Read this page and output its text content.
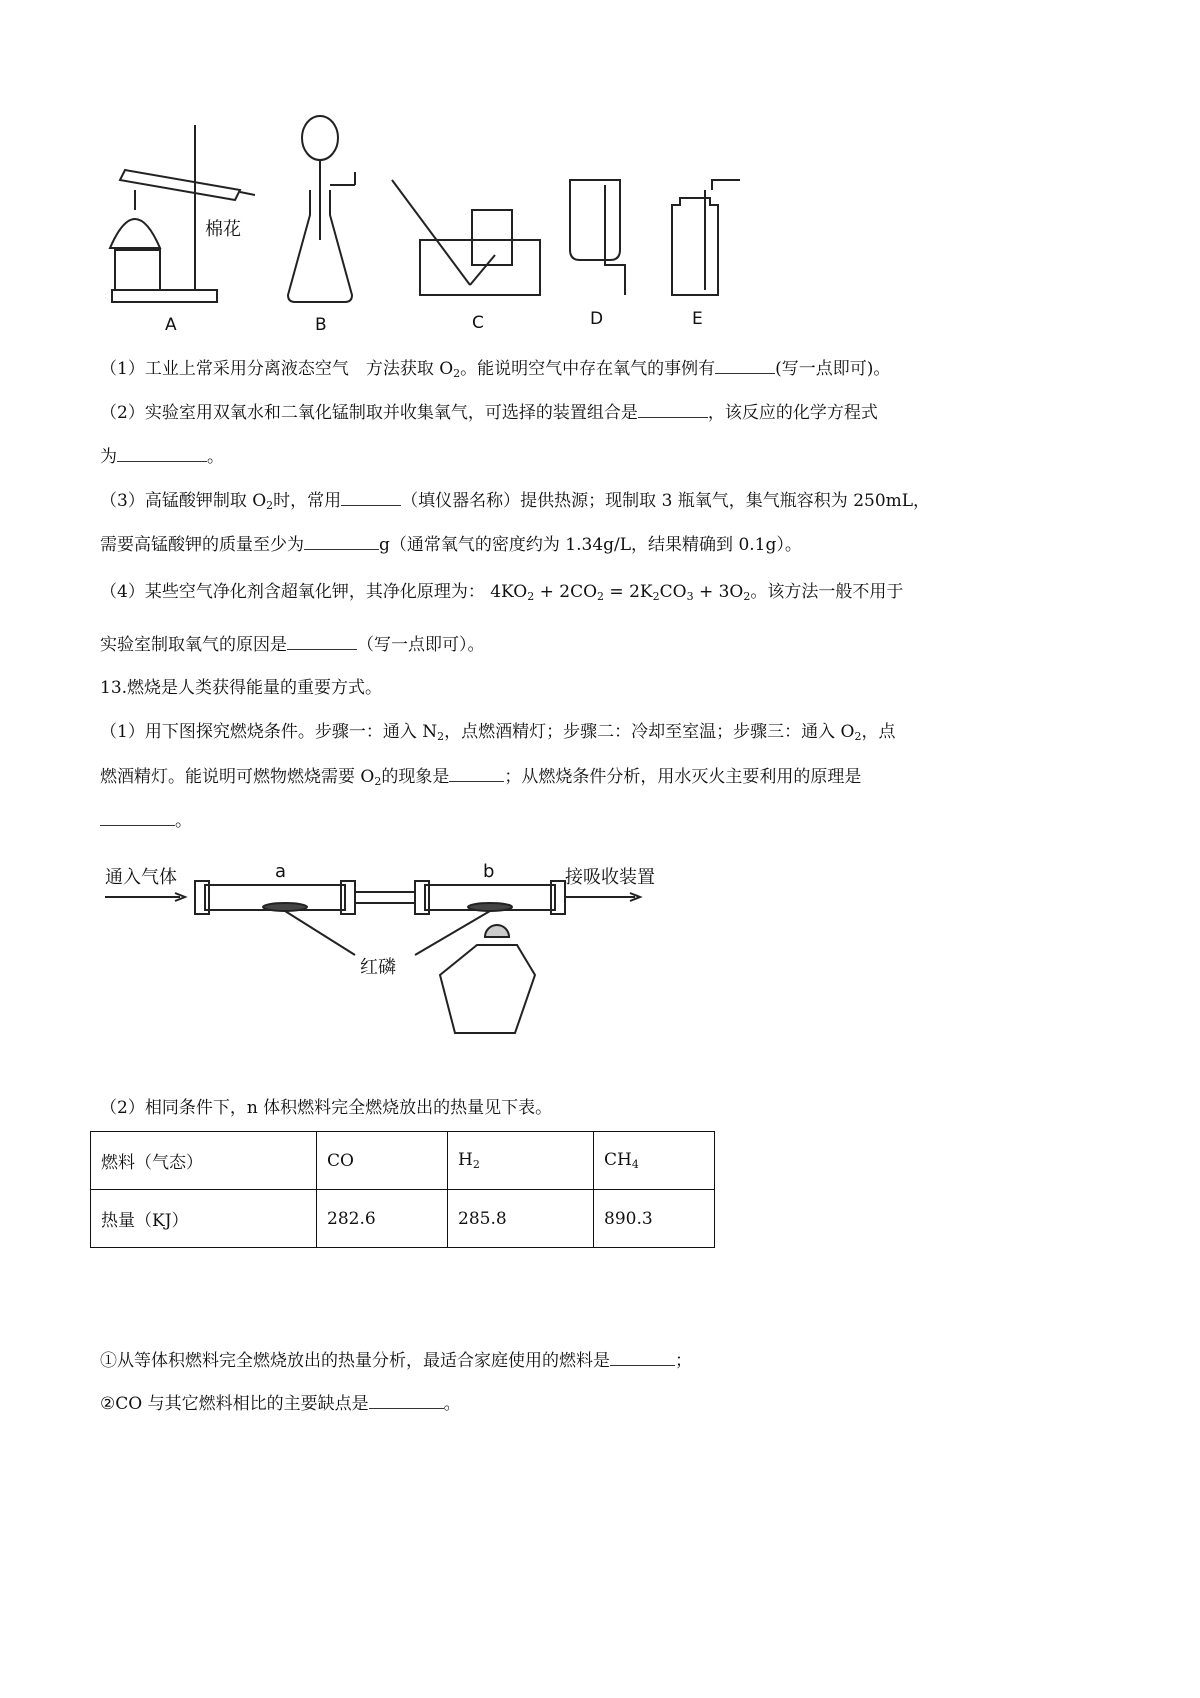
棉花
A	B	C	D	E
（1）工业上常采用分离液态空气　方法获取 $O_2$。能说明空气中存在氧气的事例有	(写一点即可)。
（2）实验室用双氧水和二氧化锰制取并收集氧气，可选择的装置组合是	，该反应的化学方程式
为	。
（3）高锰酸钾制取 $O_2$时，常用	（填仪器名称）提供热源；现制取 3 瓶氧气，集气瓶容积为 250mL，
需要高锰酸钾的质量至少为	g（通常氧气的密度约为 1.34g/L，结果精确到 0.1g）。
（4）某些空气净化剂含超氧化钾，其净化原理为： $4KO_2 + 2CO_2 = 2K_2CO_3 + 3O_2$。该方法一般不用于
实验室制取氧气的原因是	（写一点即可）。
13.燃烧是人类获得能量的重要方式。
（1）用下图探究燃烧条件。步骤一：通入 $N_2$，点燃酒精灯；步骤二：冷却至室温；步骤三：通入 $O_2$，点
燃酒精灯。能说明可燃物燃烧需要 $O_2$的现象是	；从燃烧条件分析，用水灭火主要利用的原理是
。
（2）相同条件下，n 体积燃料完全燃烧放出的热量见下表。
①从等体积燃料完全燃烧放出的热量分析，最适合家庭使用的燃料是	；
②CO 与其它燃料相比的主要缺点是	。
通入气体	a	b	接吸收装置
红磷
燃料（气态）	CO	$H_2$	$CH_4$
热量（KJ）	282.6	285.8	890.3
